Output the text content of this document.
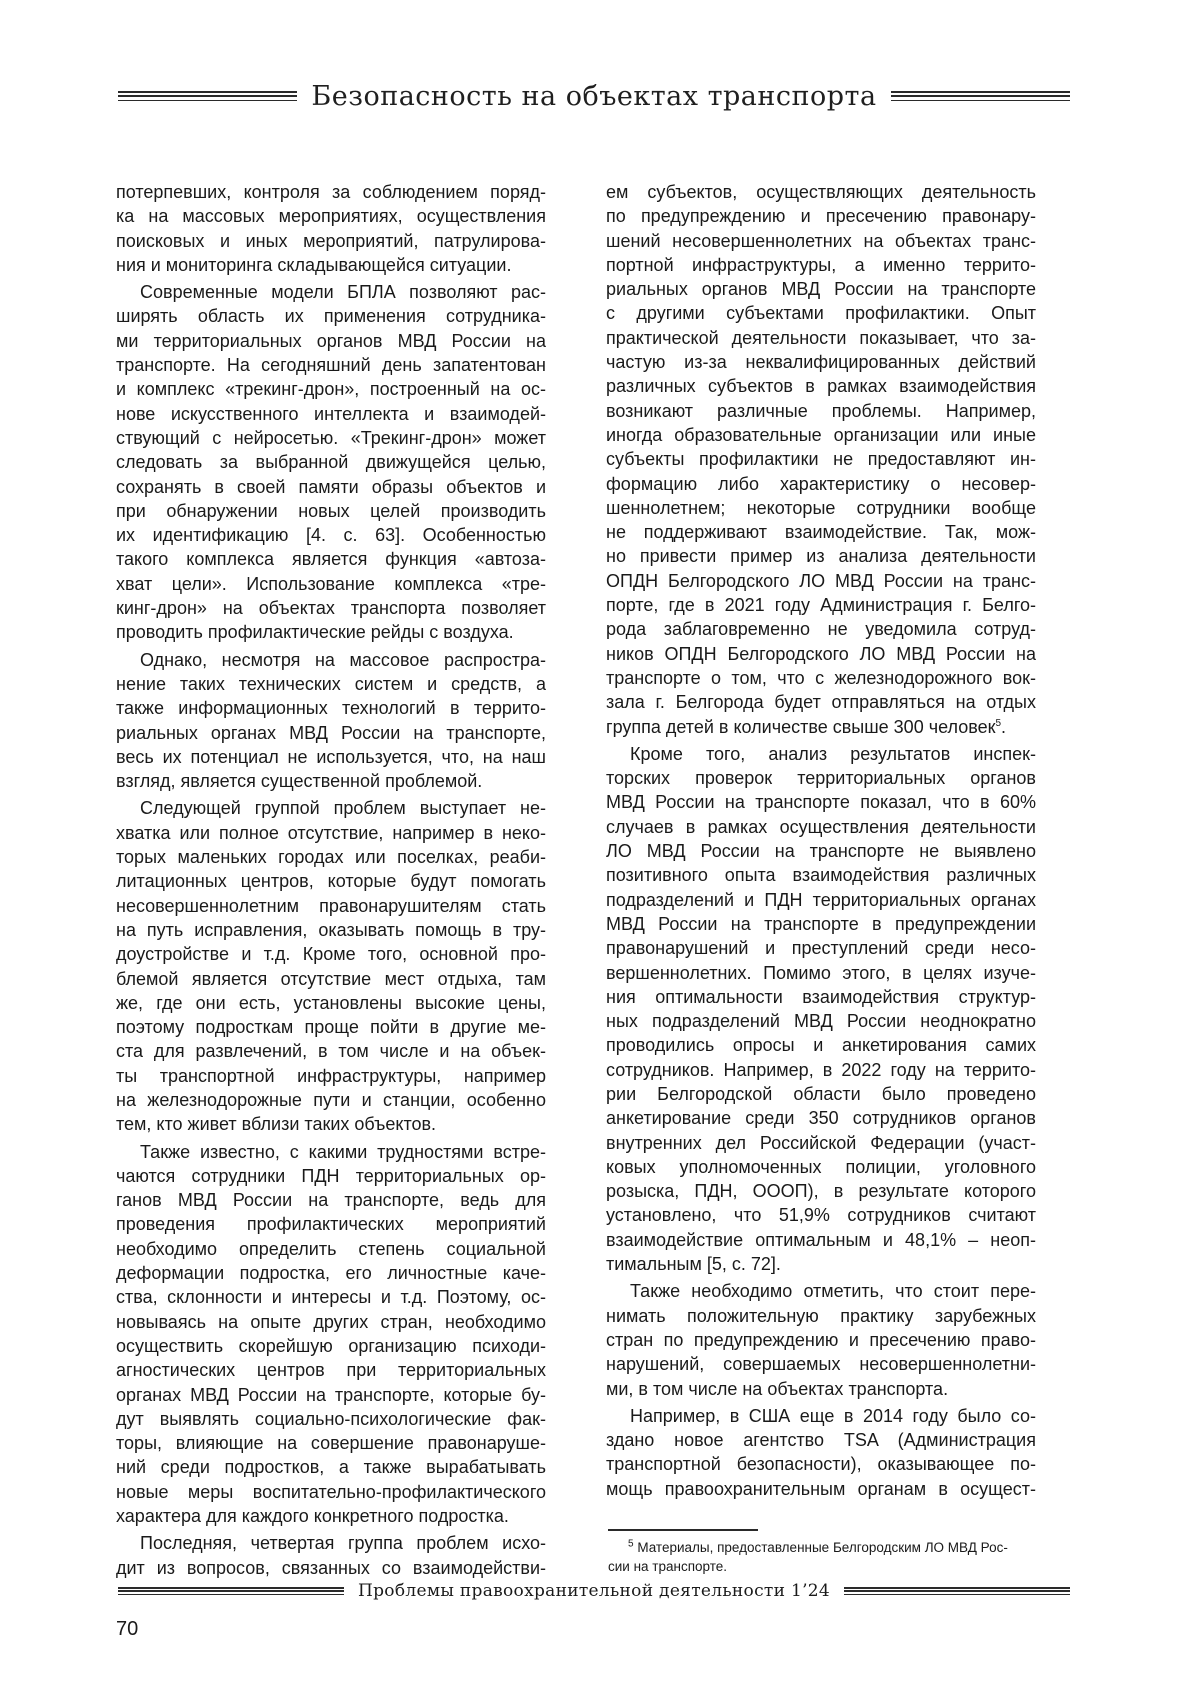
Безопасность на объектах транспорта
потерпевших, контроля за соблюдением поряд-
ка на массовых мероприятиях, осуществления
поисковых и иных мероприятий, патрулирова-
ния и мониторинга складывающейся ситуации.
Современные модели БПЛА позволяют рас-
ширять область их применения сотрудника-
ми территориальных органов МВД России на
транспорте. На сегодняшний день запатентован
и комплекс «трекинг-дрон», построенный на ос-
нове искусственного интеллекта и взаимодей-
ствующий с нейросетью. «Трекинг-дрон» может
следовать за выбранной движущейся целью,
сохранять в своей памяти образы объектов и
при обнаружении новых целей производить
их идентификацию [4. с. 63]. Особенностью
такого комплекса является функция «автоза-
хват цели». Использование комплекса «тре-
кинг-дрон» на объектах транспорта позволяет
проводить профилактические рейды с воздуха.
Однако, несмотря на массовое распростра-
нение таких технических систем и средств, а
также информационных технологий в террито-
риальных органах МВД России на транспорте,
весь их потенциал не используется, что, на наш
взгляд, является существенной проблемой.
Следующей группой проблем выступает не-
хватка или полное отсутствие, например в неко-
торых маленьких городах или поселках, реаби-
литационных центров, которые будут помогать
несовершеннолетним правонарушителям стать
на путь исправления, оказывать помощь в тру-
доустройстве и т.д. Кроме того, основной про-
блемой является отсутствие мест отдыха, там
же, где они есть, установлены высокие цены,
поэтому подросткам проще пойти в другие ме-
ста для развлечений, в том числе и на объек-
ты транспортной инфраструктуры, например
на железнодорожные пути и станции, особенно
тем, кто живет вблизи таких объектов.
Также известно, с какими трудностями встре-
чаются сотрудники ПДН территориальных ор-
ганов МВД России на транспорте, ведь для
проведения профилактических мероприятий
необходимо определить степень социальной
деформации подростка, его личностные каче-
ства, склонности и интересы и т.д. Поэтому, ос-
новываясь на опыте других стран, необходимо
осуществить скорейшую организацию психоди-
агностических центров при территориальных
органах МВД России на транспорте, которые бу-
дут выявлять социально-психологические фак-
торы, влияющие на совершение правонаруше-
ний среди подростков, а также вырабатывать
новые меры воспитательно-профилактического
характера для каждого конкретного подростка.
Последняя, четвертая группа проблем исхо-
дит из вопросов, связанных со взаимодействи-
ем субъектов, осуществляющих деятельность
по предупреждению и пресечению правонару-
шений несовершеннолетних на объектах транс-
портной инфраструктуры, а именно террито-
риальных органов МВД России на транспорте
с другими субъектами профилактики. Опыт
практической деятельности показывает, что за-
частую из-за неквалифицированных действий
различных субъектов в рамках взаимодействия
возникают различные проблемы. Например,
иногда образовательные организации или иные
субъекты профилактики не предоставляют ин-
формацию либо характеристику о несовер-
шеннолетнем; некоторые сотрудники вообще
не поддерживают взаимодействие. Так, мож-
но привести пример из анализа деятельности
ОПДН Белгородского ЛО МВД России на транс-
порте, где в 2021 году Администрация г. Белго-
рода заблаговременно не уведомила сотруд-
ников ОПДН Белгородского ЛО МВД России на
транспорте о том, что с железнодорожного вок-
зала г. Белгорода будет отправляться на отдых
группа детей в количестве свыше 300 человек$^5$.
Кроме того, анализ результатов инспек-
торских проверок территориальных органов
МВД России на транспорте показал, что в 60%
случаев в рамках осуществления деятельности
ЛО МВД России на транспорте не выявлено
позитивного опыта взаимодействия различных
подразделений и ПДН территориальных органах
МВД России на транспорте в предупреждении
правонарушений и преступлений среди несо-
вершеннолетних. Помимо этого, в целях изуче-
ния оптимальности взаимодействия структур-
ных подразделений МВД России неоднократно
проводились опросы и анкетирования самих
сотрудников. Например, в 2022 году на террито-
рии Белгородской области было проведено
анкетирование среди 350 сотрудников органов
внутренних дел Российской Федерации (участ-
ковых уполномоченных полиции, уголовного
розыска, ПДН, ОООП), в результате которого
установлено, что 51,9% сотрудников считают
взаимодействие оптимальным и 48,1% – неоп-
тимальным [5, с. 72].
Также необходимо отметить, что стоит пере-
нимать положительную практику зарубежных
стран по предупреждению и пресечению право-
нарушений, совершаемых несовершеннолетни-
ми, в том числе на объектах транспорта.
Например, в США еще в 2014 году было со-
здано новое агентство TSA (Администрация
транспортной безопасности), оказывающее по-
мощь правоохранительным органам в осущест-
$^5$ Материалы, предоставленные Белгородским ЛО МВД Рос-
сии на транспорте.
Проблемы правоохранительной деятельности 1’24
70
